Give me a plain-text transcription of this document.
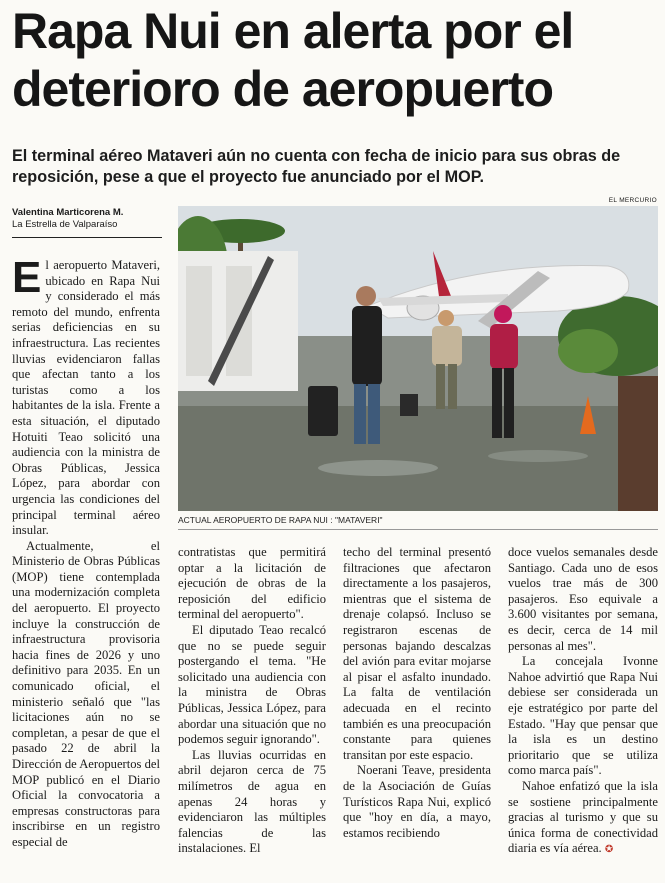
Rapa Nui en alerta por el deterioro de aeropuerto
El terminal aéreo Mataveri aún no cuenta con fecha de inicio para sus obras de reposición, pese a que el proyecto fue anunciado por el MOP.
Valentina Marticorena M.
La Estrella de Valparaíso
EL MERCURIO
ACTUAL AEROPUERTO DE RAPA NUI : "MATAVERI"

El aeropuerto Mataveri, ubicado en Rapa Nui y considerado el más remoto del mundo, enfrenta serias deficiencias en su infraestructura. Las recientes lluvias evidenciaron fallas que afectan tanto a los turistas como a los habitantes de la isla. Frente a esta situación, el diputado Hotuiti Teao solicitó una audiencia con la ministra de Obras Públicas, Jessica López, para abordar con urgencia las condiciones del principal terminal aéreo insular.

Actualmente, el Ministerio de Obras Públicas (MOP) tiene contemplada una modernización completa del aeropuerto. El proyecto incluye la construcción de infraestructura provisoria hacia fines de 2026 y uno definitivo para 2035. En un comunicado oficial, el ministerio señaló que "las licitaciones aún no se completan, a pesar de que el pasado 22 de abril la Dirección de Aeropuertos del MOP publicó en el Diario Oficial la convocatoria a empresas constructoras para inscribirse en un registro especial de

contratistas que permitirá optar a la licitación de ejecución de obras de la reposición del edificio terminal del aeropuerto".

El diputado Teao recalcó que no se puede seguir postergando el tema. "He solicitado una audiencia con la ministra de Obras Públicas, Jessica López, para abordar una situación que no podemos seguir ignorando".

Las lluvias ocurridas en abril dejaron cerca de 75 milímetros de agua en apenas 24 horas y evidenciaron las múltiples falencias de las instalaciones. El

techo del terminal presentó filtraciones que afectaron directamente a los pasajeros, mientras que el sistema de drenaje colapsó. Incluso se registraron escenas de personas bajando descalzas del avión para evitar mojarse al pisar el asfalto inundado. La falta de ventilación adecuada en el recinto también es una preocupación constante para quienes transitan por este espacio.

Noerani Teave, presidenta de la Asociación de Guías Turísticos Rapa Nui, explicó que "hoy en día, a mayo, estamos recibiendo

doce vuelos semanales desde Santiago. Cada uno de esos vuelos trae más de 300 pasajeros. Eso equivale a 3.600 visitantes por semana, es decir, cerca de 14 mil personas al mes".

La concejala Ivonne Nahoe advirtió que Rapa Nui debiese ser considerada un eje estratégico por parte del Estado. "Hay que pensar que la isla es un destino prioritario que se utiliza como marca país".

Nahoe enfatizó que la isla se sostiene principalmente gracias al turismo y que su única forma de conectividad diaria es vía aérea. ✪
